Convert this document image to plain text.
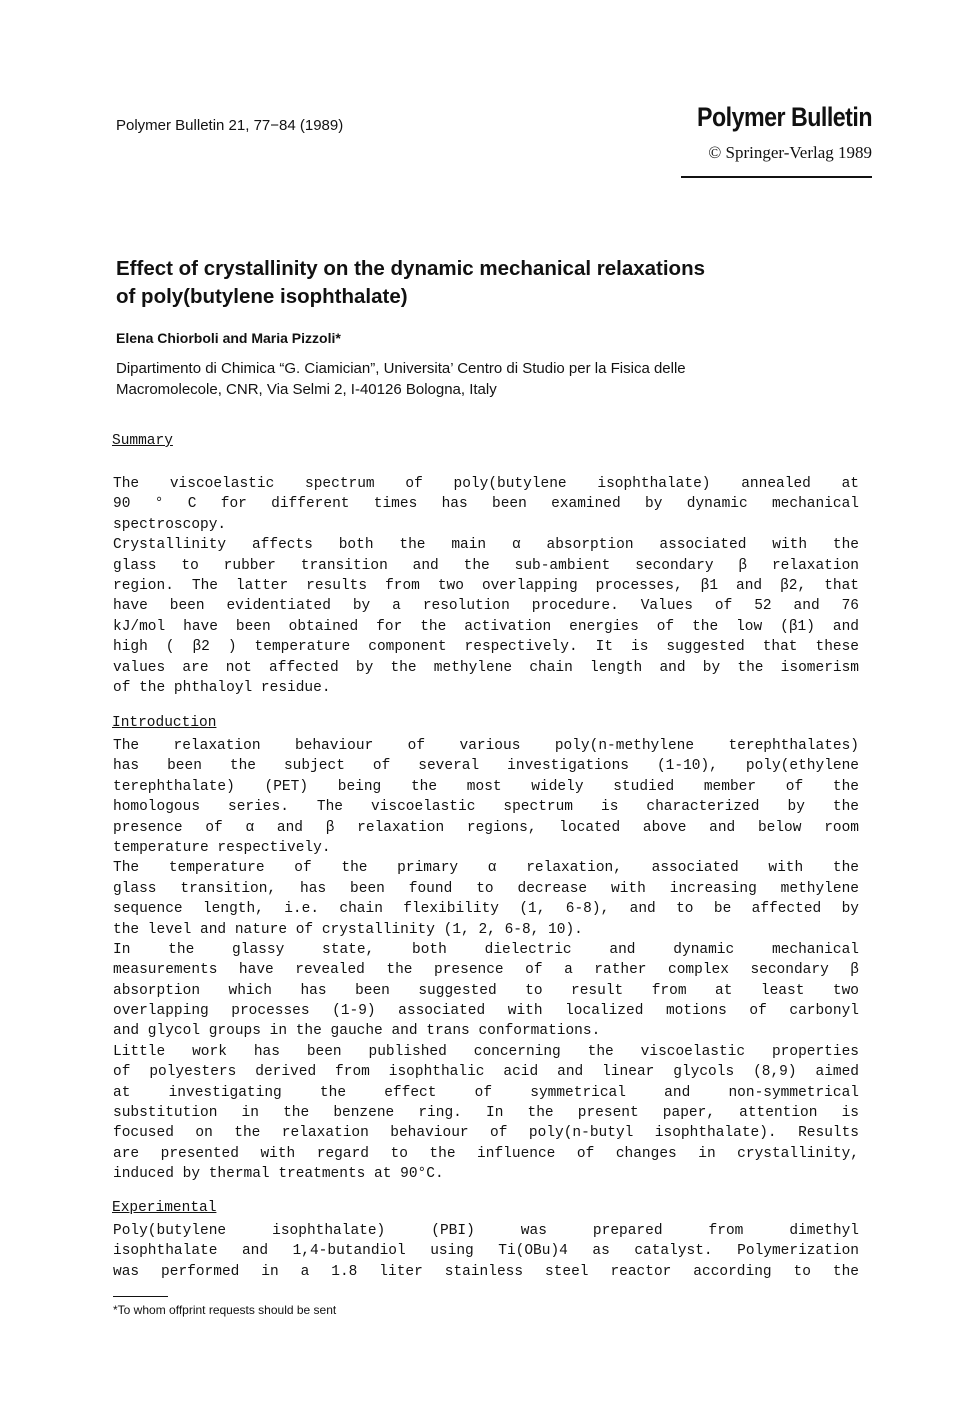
Polymer Bulletin 21, 77−84 (1989)	Polymer Bulletin
© Springer-Verlag 1989
Effect of crystallinity on the dynamic mechanical relaxations
of poly(butylene isophthalate)
Elena Chiorboli and Maria Pizzoli*
Dipartimento di Chimica “G. Ciamician”, Universita’ Centro di Studio per la Fisica delle
Macromolecole, CNR, Via Selmi 2, I-40126 Bologna, Italy
Summary
The viscoelastic spectrum of poly(butylene isophthalate) annealed at
90 ° C for different times has been examined by dynamic mechanical
spectroscopy.
Crystallinity affects both the main α absorption associated with the
glass to rubber transition and the sub-ambient secondary β relaxation
region. The latter results from two overlapping processes, β1 and β2, that
have been evidentiated by a resolution procedure. Values of 52 and 76
kJ/mol have been obtained for the activation energies of the low (β1) and
high ( β2 ) temperature component respectively. It is suggested that these
values are not affected by the methylene chain length and by the isomerism
of the phthaloyl residue.
Introduction
The relaxation behaviour of various poly(n-methylene terephthalates)
has been the subject of several investigations (1-10), poly(ethylene
terephthalate) (PET) being the most widely studied member of the
homologous series. The viscoelastic spectrum is characterized by the
presence of α and β relaxation regions, located above and below room
temperature respectively.
The temperature of the primary α relaxation, associated with the
glass transition, has been found to decrease with increasing methylene
sequence length, i.e. chain flexibility (1, 6-8), and to be affected by
the level and nature of crystallinity (1, 2, 6-8, 10).
In the glassy state, both dielectric and dynamic mechanical
measurements have revealed the presence of a rather complex secondary β
absorption which has been suggested to result from at least two
overlapping processes (1-9) associated with localized motions of carbonyl
and glycol groups in the gauche and trans conformations.
Little work has been published concerning the viscoelastic properties
of polyesters derived from isophthalic acid and linear glycols (8,9) aimed
at investigating the effect of symmetrical and non-symmetrical
substitution in the benzene ring. In the present paper, attention is
focused on the relaxation behaviour of poly(n-butyl isophthalate). Results
are presented with regard to the influence of changes in crystallinity,
induced by thermal treatments at 90°C.
Experimental
Poly(butylene isophthalate) (PBI) was prepared from dimethyl
isophthalate and 1,4-butandiol using Ti(OBu)4 as catalyst. Polymerization
was performed in a 1.8 liter stainless steel reactor according to the
*To whom offprint requests should be sent
